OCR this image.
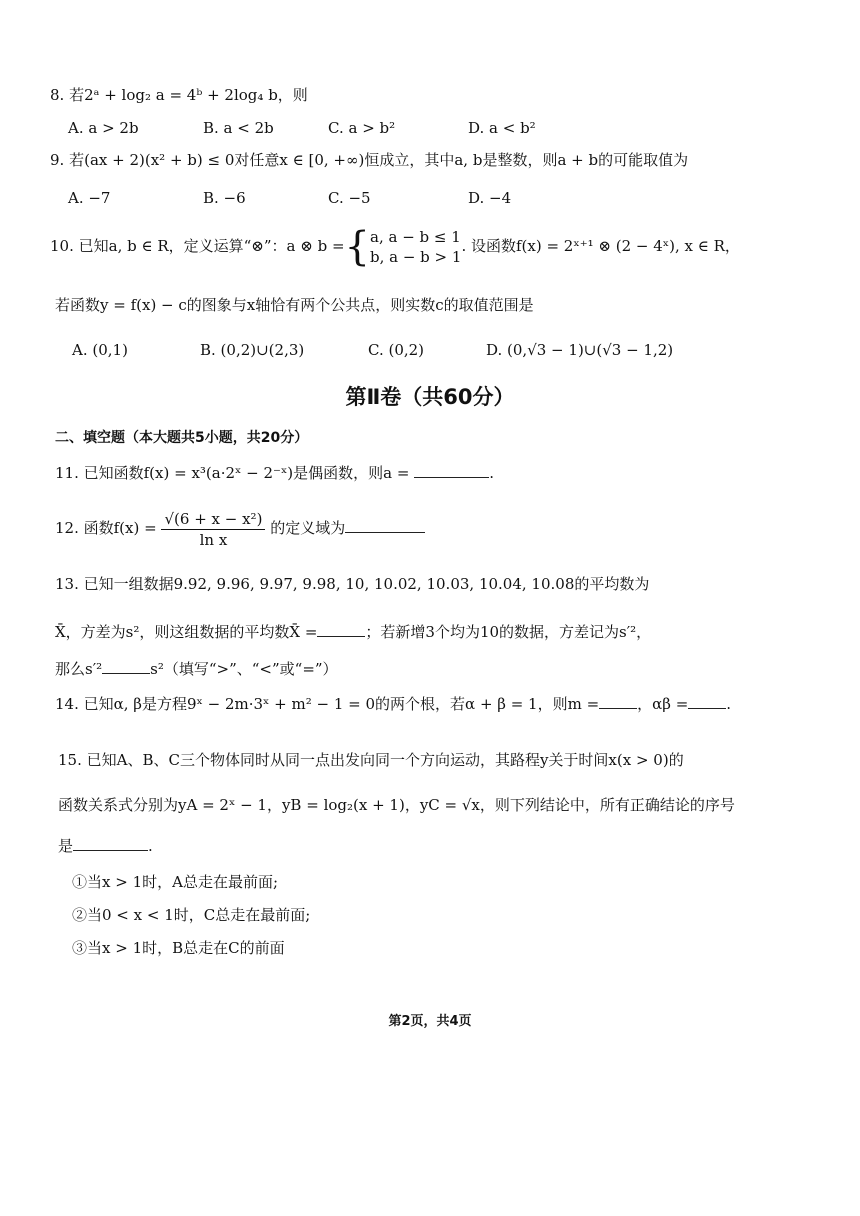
8. 若2ᵃ + log₂ a = 4ᵇ + 2log₄ b，则
A. a > 2b	B. a < 2b	C. a > b²	D. a < b²
9. 若(ax + 2)(x² + b) ≤ 0对任意x ∈ [0, +∞)恒成立，其中a, b是整数，则a + b的可能取值为
A. −7	B. −6	C. −5	D. −4
10. 已知a, b ∈ R，定义运算“⊗”：a ⊗ b ={ a, a − b ≤ 1
b, a − b > 1
. 设函数f(x) = 2ˣ⁺¹ ⊗ (2 − 4ˣ), x ∈ R，
若函数y = f(x) − c的图象与x轴恰有两个公共点，则实数c的取值范围是
A. (0,1)	B. (0,2)∪(2,3)	C. (0,2)	D. (0,√3 − 1)∪(√3 − 1,2)
第Ⅱ卷（共60分）
二、填空题（本大题共5小题，共20分）
11. 已知函数f(x) = x³(a·2ˣ − 2⁻ˣ)是偶函数，则a =	.
12. 函数$f(x) = \frac{\text{√(6 + x − x²)}}{\text{ln x}}$ 的定义域为
13. 已知一组数据9.92, 9.96, 9.97, 9.98, 10, 10.02, 10.03, 10.04, 10.08的平均数为
X̄，方差为s²，则这组数据的平均数X̄ =	；若新增3个均为10的数据，方差记为s′²，
那么s′²	s²（填写“>”、“<”或“=”）
14. 已知α, β是方程9ˣ − 2m·3ˣ + m² − 1 = 0的两个根，若α + β = 1，则m =	，αβ =	.
15. 已知A、B、C三个物体同时从同一点出发向同一个方向运动，其路程y关于时间x(x > 0)的
函数关系式分别为yA = 2ˣ − 1，yB = log₂(x + 1)，yC = √x，则下列结论中，所有正确结论的序号
是	.
①当x > 1时，A总走在最前面;
②当0 < x < 1时，C总走在最前面;
③当x > 1时，B总走在C的前面
第2页，共4页
